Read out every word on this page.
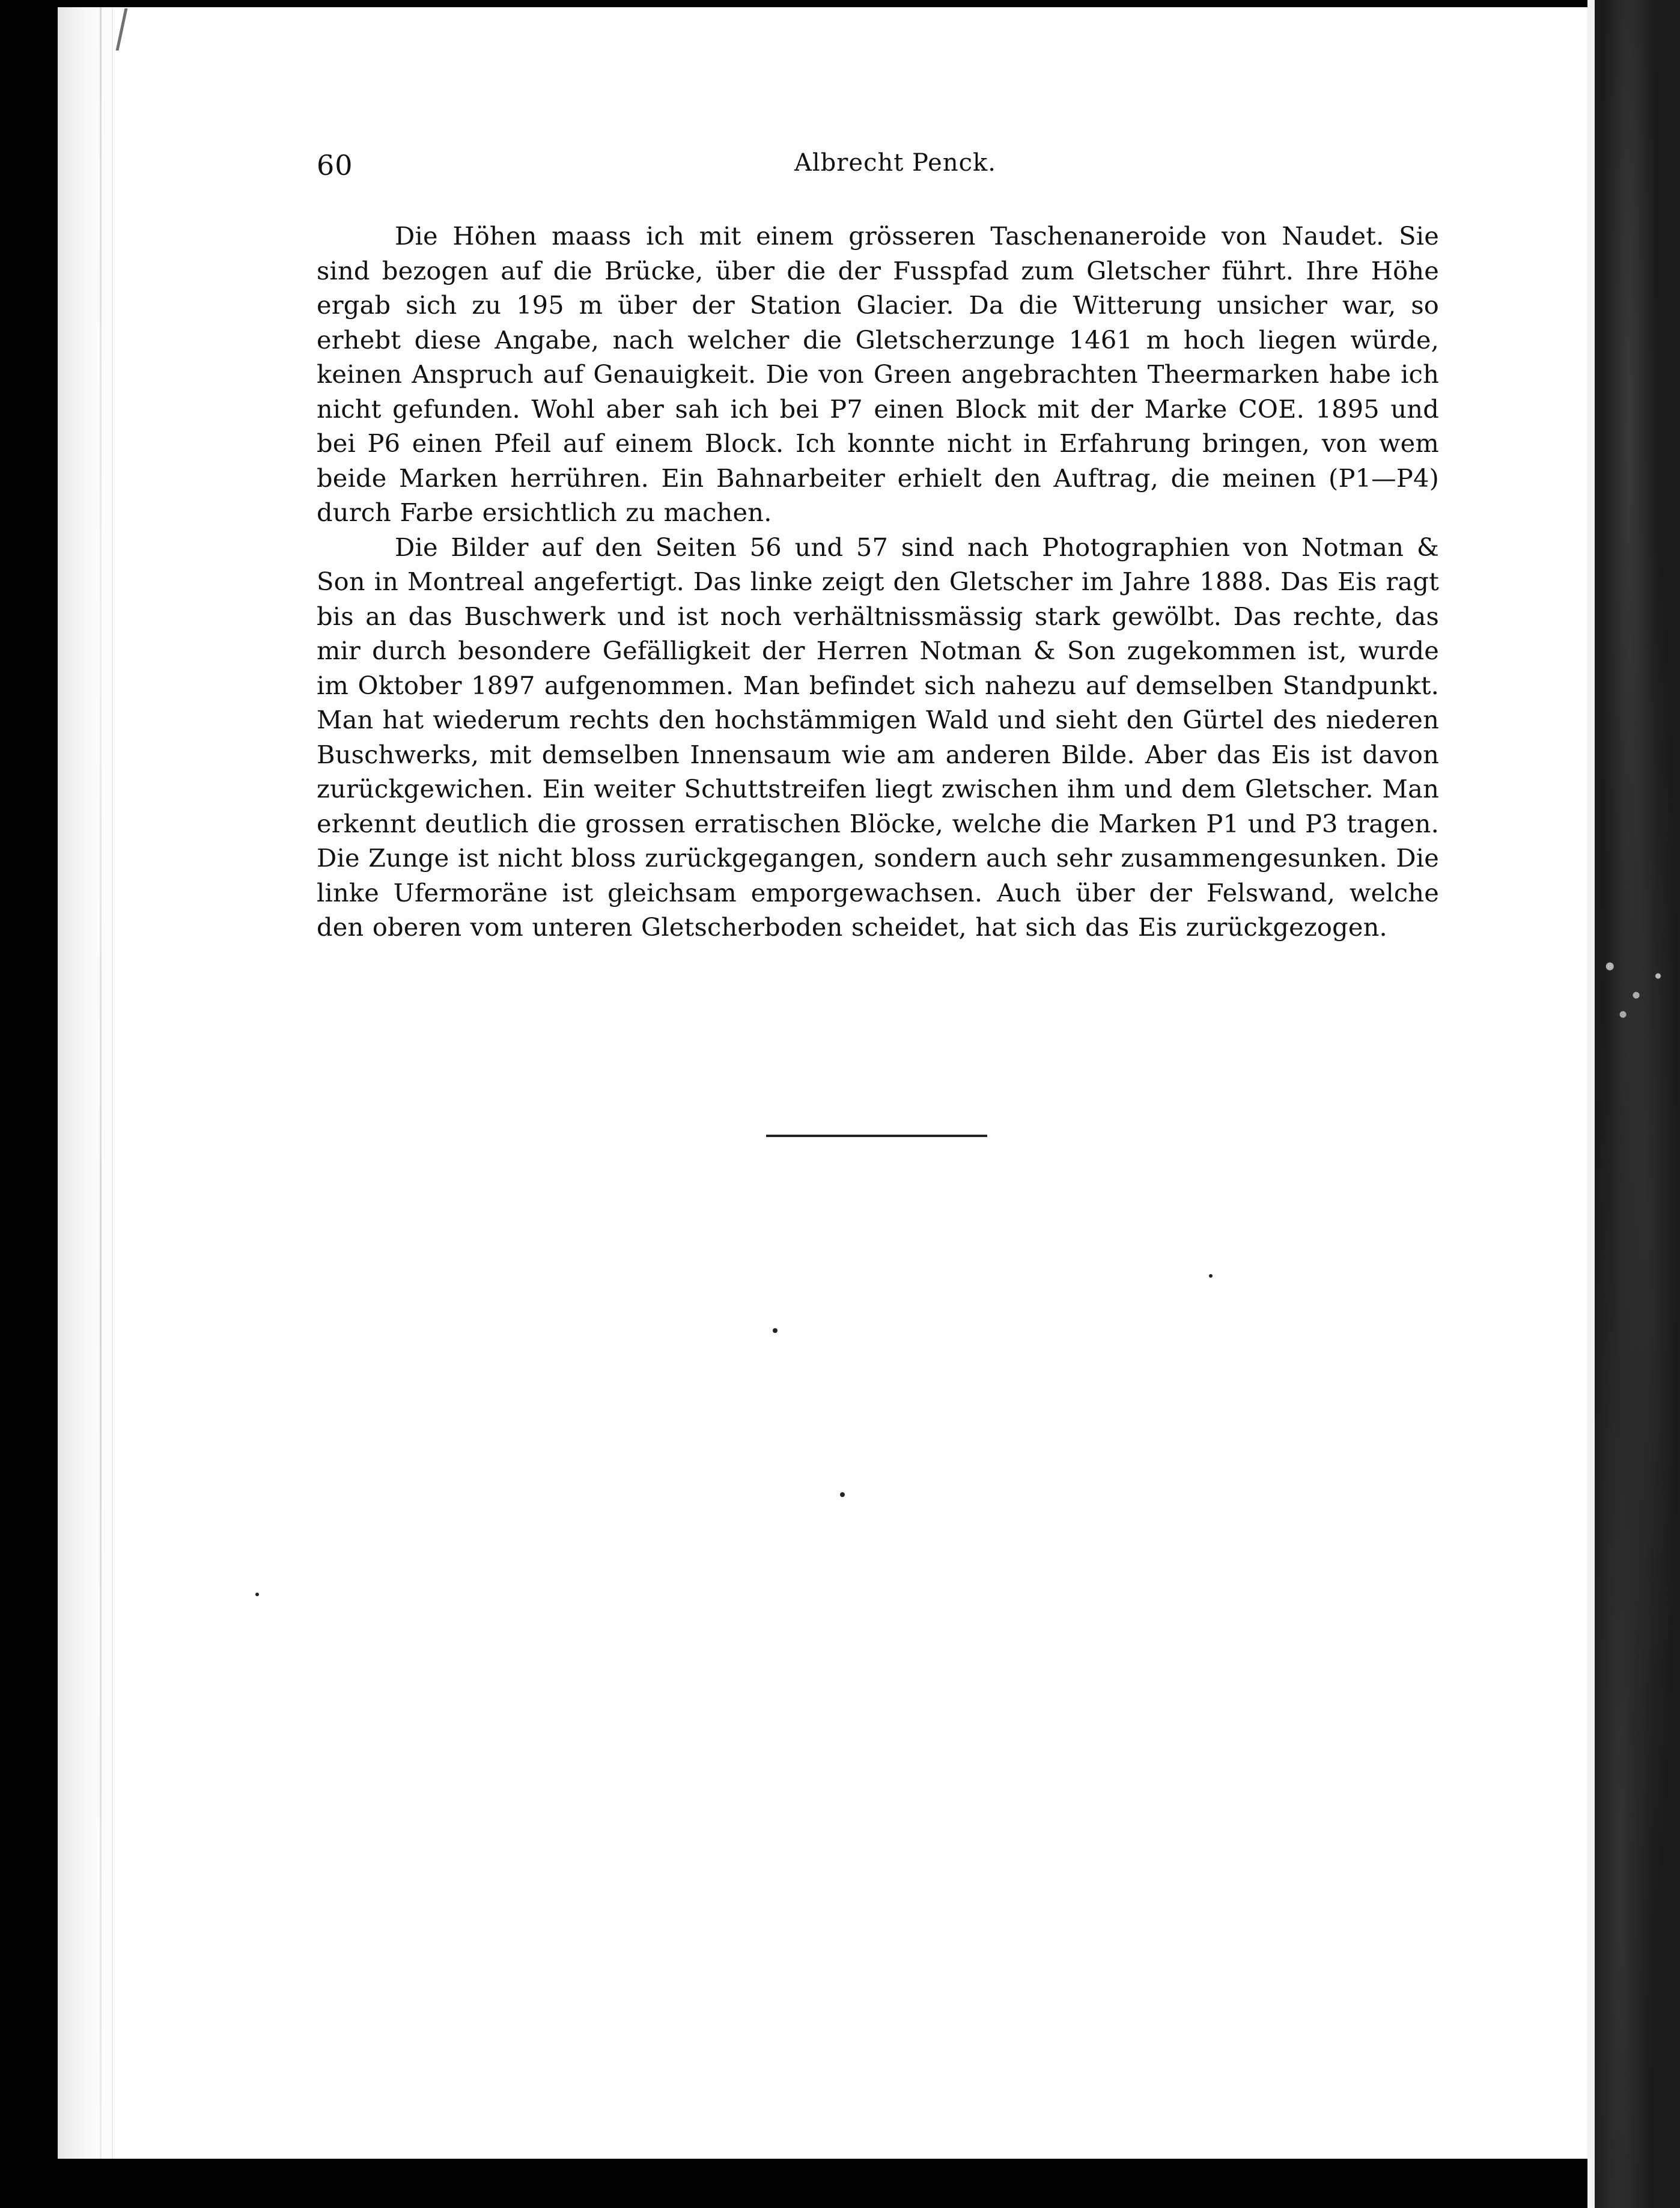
60	Albrecht Penck.

Die Höhen maass ich mit einem grösseren Taschenaneroide von Naudet. Sie sind bezogen auf die Brücke, über die der Fusspfad zum Gletscher führt. Ihre Höhe ergab sich zu 195 m über der Station Glacier. Da die Witterung unsicher war, so erhebt diese Angabe, nach welcher die Gletscherzunge 1461 m hoch liegen würde, keinen Anspruch auf Genauigkeit. Die von Green angebrachten Theermarken habe ich nicht gefunden. Wohl aber sah ich bei P7 einen Block mit der Marke COE. 1895 und bei P6 einen Pfeil auf einem Block. Ich konnte nicht in Erfahrung bringen, von wem beide Marken herrühren. Ein Bahnarbeiter erhielt den Auftrag, die meinen (P1—P4) durch Farbe ersichtlich zu machen.

Die Bilder auf den Seiten 56 und 57 sind nach Photographien von Notman & Son in Montreal angefertigt. Das linke zeigt den Gletscher im Jahre 1888. Das Eis ragt bis an das Buschwerk und ist noch verhältnissmässig stark gewölbt. Das rechte, das mir durch besondere Gefälligkeit der Herren Notman & Son zugekommen ist, wurde im Oktober 1897 aufgenommen. Man befindet sich nahezu auf demselben Standpunkt. Man hat wiederum rechts den hochstämmigen Wald und sieht den Gürtel des niederen Buschwerks, mit demselben Innensaum wie am anderen Bilde. Aber das Eis ist davon zurückgewichen. Ein weiter Schuttstreifen liegt zwischen ihm und dem Gletscher. Man erkennt deutlich die grossen erratischen Blöcke, welche die Marken P1 und P3 tragen. Die Zunge ist nicht bloss zurückgegangen, sondern auch sehr zusammengesunken. Die linke Ufermoräne ist gleichsam emporgewachsen. Auch über der Felswand, welche den oberen vom unteren Gletscherboden scheidet, hat sich das Eis zurückgezogen.
